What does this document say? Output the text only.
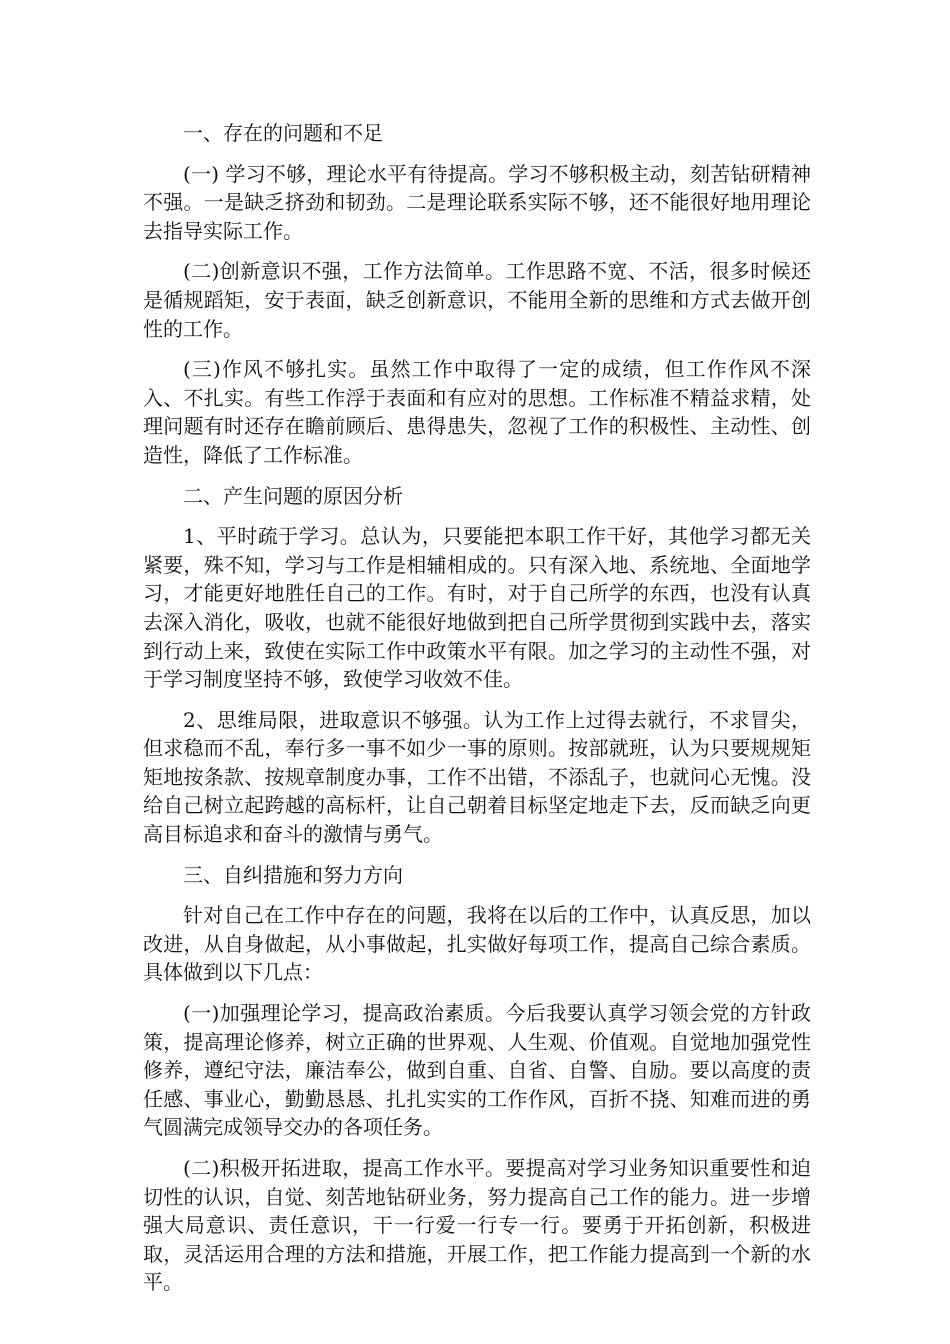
一、存在的问题和不足

(一) 学习不够，理论水平有待提高。学习不够积极主动，刻苦钻研精神不强。一是缺乏挤劲和韧劲。二是理论联系实际不够，还不能很好地用理论去指导实际工作。

(二)创新意识不强，工作方法简单。工作思路不宽、不活，很多时候还是循规蹈矩，安于表面，缺乏创新意识，不能用全新的思维和方式去做开创性的工作。

(三)作风不够扎实。虽然工作中取得了一定的成绩，但工作作风不深入、不扎实。有些工作浮于表面和有应对的思想。工作标准不精益求精，处理问题有时还存在瞻前顾后、患得患失，忽视了工作的积极性、主动性、创造性，降低了工作标准。

二、产生问题的原因分析

1、平时疏于学习。总认为，只要能把本职工作干好，其他学习都无关紧要，殊不知，学习与工作是相辅相成的。只有深入地、系统地、全面地学习，才能更好地胜任自己的工作。有时，对于自己所学的东西，也没有认真去深入消化，吸收，也就不能很好地做到把自己所学贯彻到实践中去，落实到行动上来，致使在实际工作中政策水平有限。加之学习的主动性不强，对于学习制度坚持不够，致使学习收效不佳。

2、思维局限，进取意识不够强。认为工作上过得去就行，不求冒尖，但求稳而不乱，奉行多一事不如少一事的原则。按部就班，认为只要规规矩矩地按条款、按规章制度办事，工作不出错，不添乱子，也就问心无愧。没给自己树立起跨越的高标杆，让自己朝着目标坚定地走下去，反而缺乏向更高目标追求和奋斗的激情与勇气。

三、自纠措施和努力方向

针对自己在工作中存在的问题，我将在以后的工作中，认真反思，加以改进，从自身做起，从小事做起，扎实做好每项工作，提高自己综合素质。具体做到以下几点：

(一)加强理论学习，提高政治素质。今后我要认真学习领会党的方针政策，提高理论修养，树立正确的世界观、人生观、价值观。自觉地加强党性修养，遵纪守法，廉洁奉公，做到自重、自省、自警、自励。要以高度的责任感、事业心，勤勤恳恳、扎扎实实的工作作风，百折不挠、知难而进的勇气圆满完成领导交办的各项任务。

(二)积极开拓进取，提高工作水平。要提高对学习业务知识重要性和迫切性的认识，自觉、刻苦地钻研业务，努力提高自己工作的能力。进一步增强大局意识、责任意识，干一行爱一行专一行。要勇于开拓创新，积极进取，灵活运用合理的方法和措施，开展工作，把工作能力提高到一个新的水平。
